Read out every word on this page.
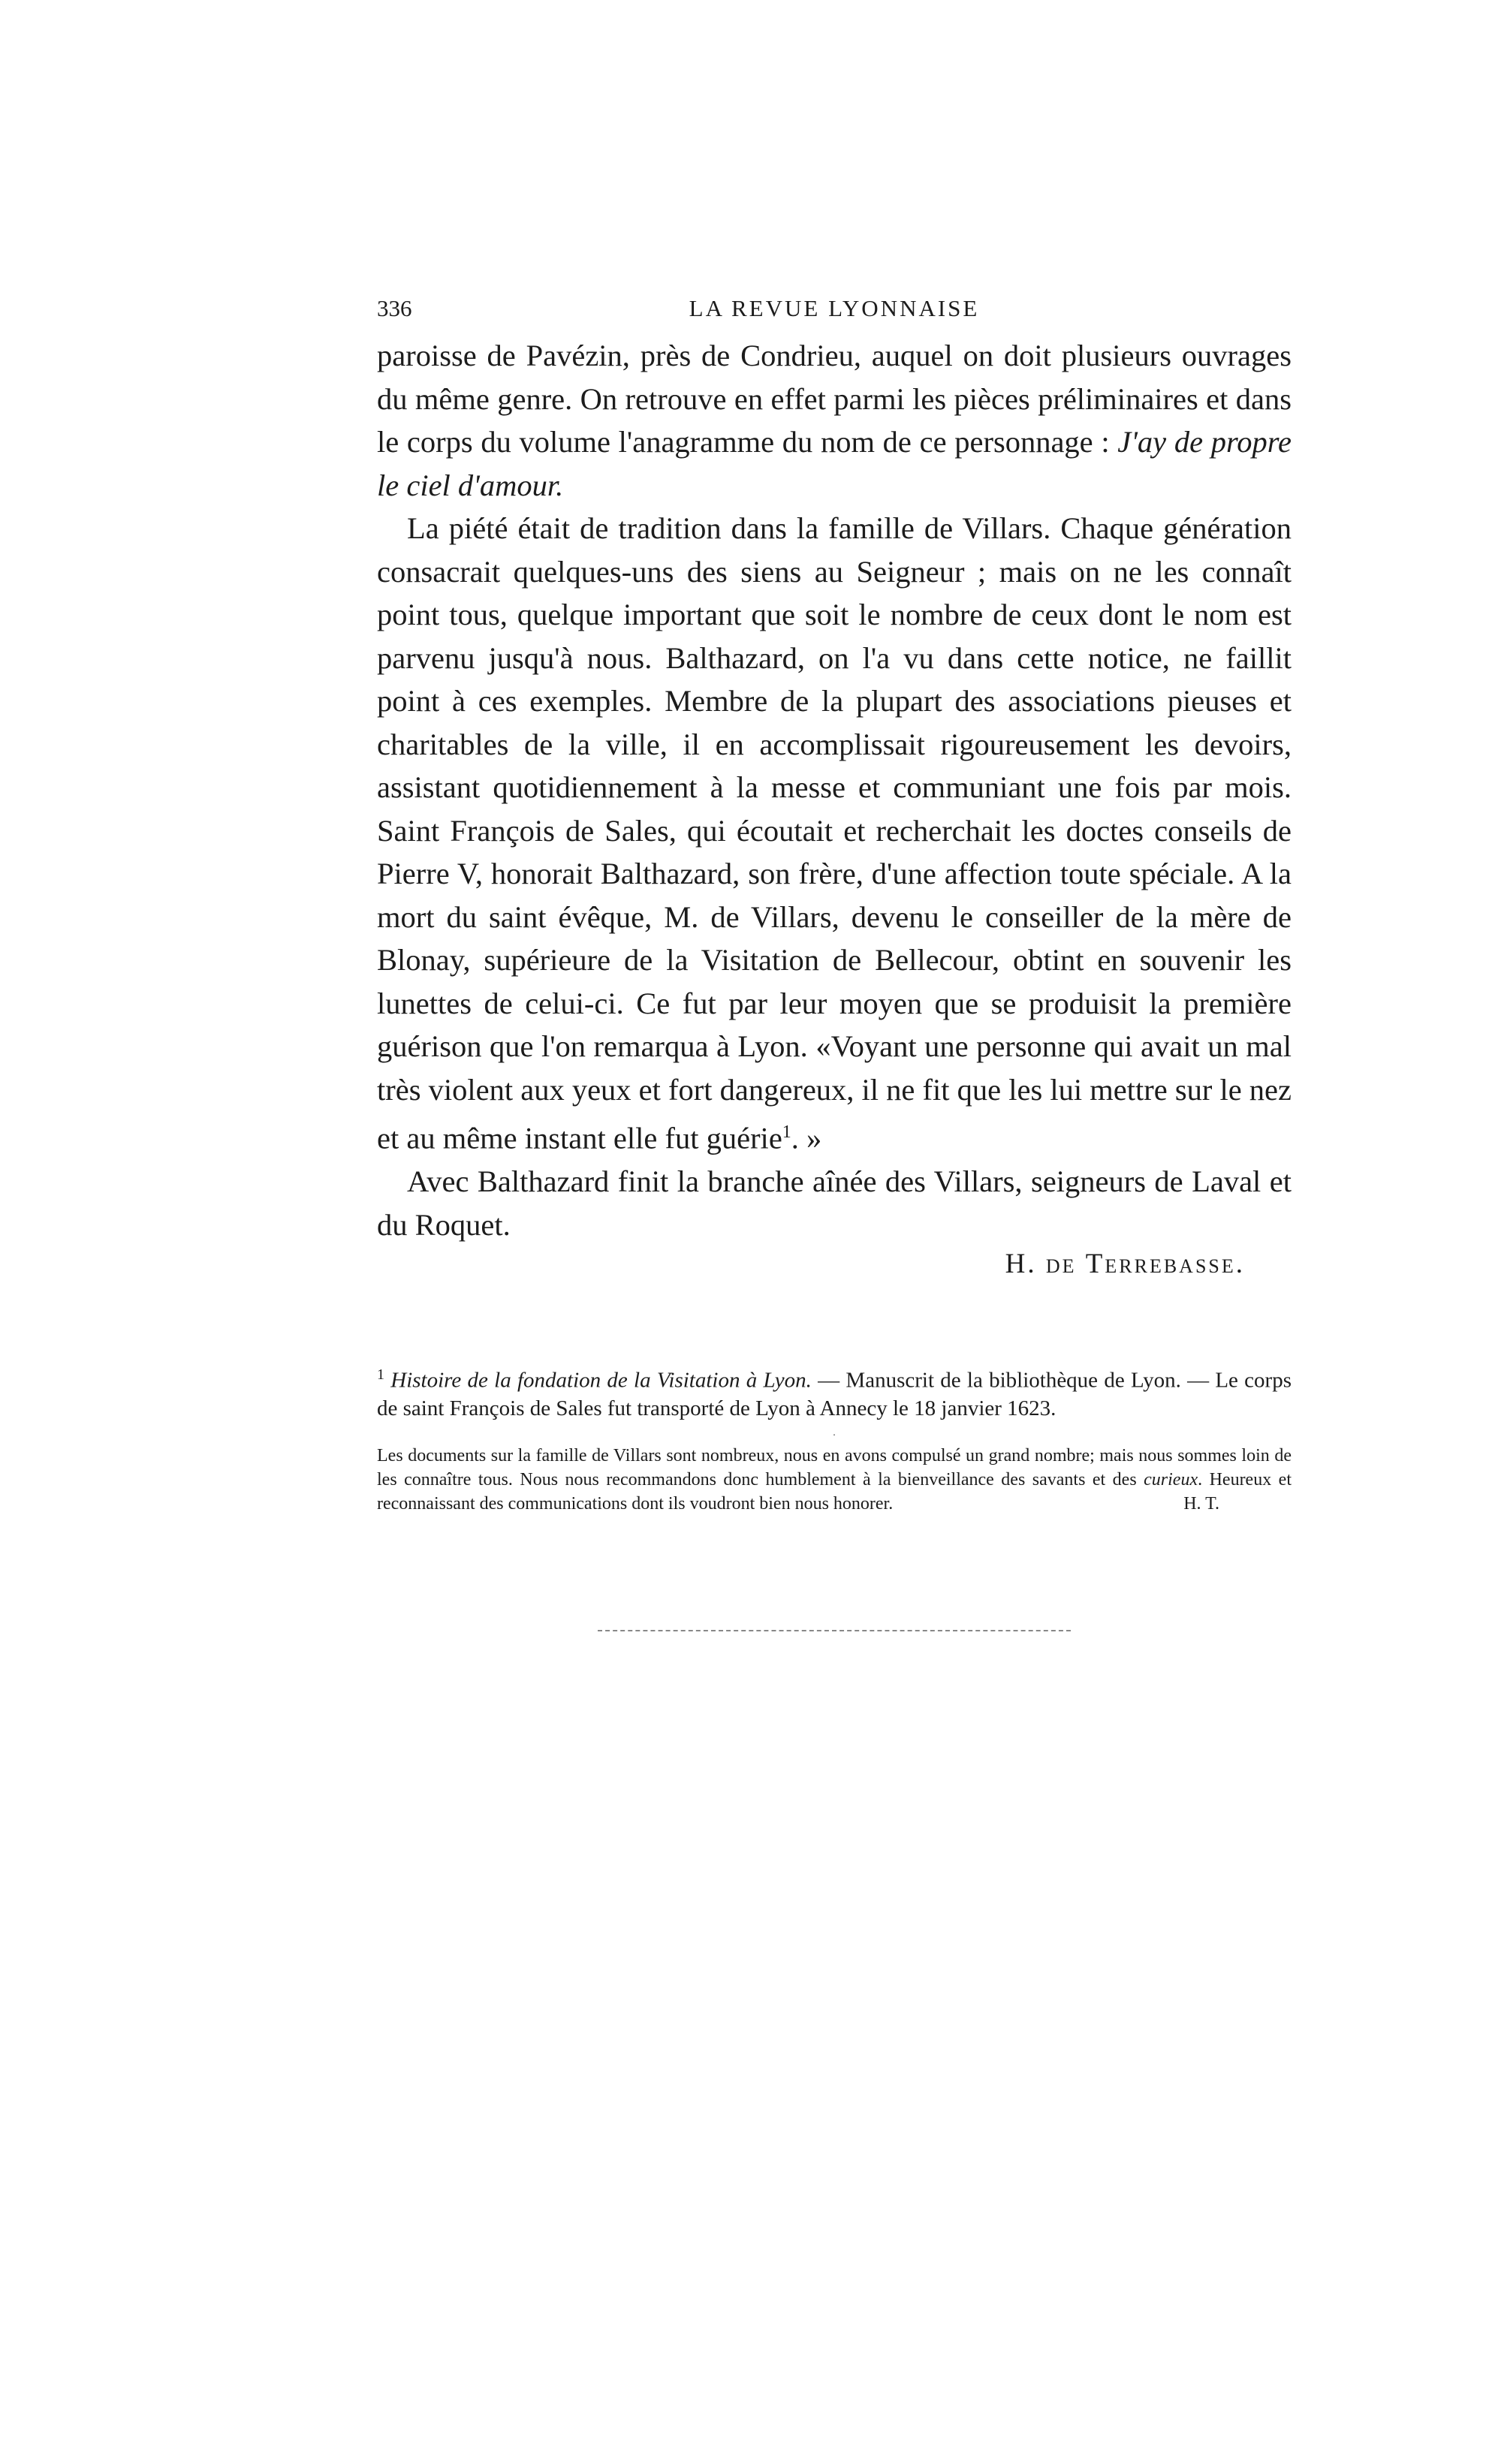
336	LA REVUE LYONNAISE

paroisse de Pavézin, près de Condrieu, auquel on doit plusieurs ouvrages du même genre. On retrouve en effet parmi les pièces préliminaires et dans le corps du volume l'anagramme du nom de ce personnage : J'ay de propre le ciel d'amour.

La piété était de tradition dans la famille de Villars. Chaque génération consacrait quelques-uns des siens au Seigneur ; mais on ne les connaît point tous, quelque important que soit le nombre de ceux dont le nom est parvenu jusqu'à nous. Balthazard, on l'a vu dans cette notice, ne faillit point à ces exemples. Membre de la plupart des associations pieuses et charitables de la ville, il en accomplissait rigoureusement les devoirs, assistant quotidiennement à la messe et communiant une fois par mois. Saint François de Sales, qui écoutait et recherchait les doctes conseils de Pierre V, honorait Balthazard, son frère, d'une affection toute spéciale. A la mort du saint évêque, M. de Villars, devenu le conseiller de la mère de Blonay, supérieure de la Visitation de Bellecour, obtint en souvenir les lunettes de celui-ci. Ce fut par leur moyen que se produisit la première guérison que l'on remarqua à Lyon. «Voyant une personne qui avait un mal très violent aux yeux et fort dangereux, il ne fit que les lui mettre sur le nez et au même instant elle fut guérie$^1$. »

Avec Balthazard finit la branche aînée des Villars, seigneurs de Laval et du Roquet.

H. de Terrebasse.
$^1$ Histoire de la fondation de la Visitation à Lyon. — Manuscrit de la bibliothèque de Lyon. — Le corps de saint François de Sales fut transporté de Lyon à Annecy le 18 janvier 1623.
.
Les documents sur la famille de Villars sont nombreux, nous en avons compulsé un grand nombre; mais nous sommes loin de les connaître tous. Nous nous recommandons donc humblement à la bienveillance des savants et des curieux. Heureux et reconnaissant des communications dont ils voudront bien nous honorer.	H. T.
